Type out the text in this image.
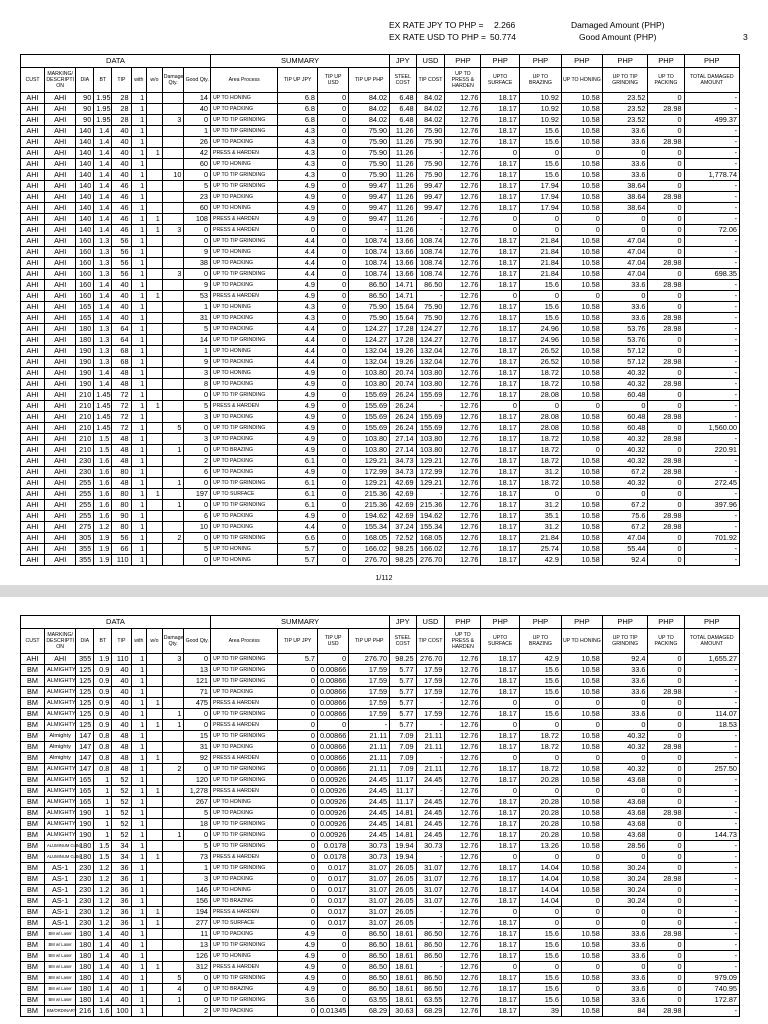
EX RATE JPY TO PHP = 2.266
EX RATE USD TO PHP = 50.774
Damaged Amount (PHP)
Good Amount (PHP)	3
DATA									SUMMARY				JPY	USD	PHP	PHP	PHP	PHP	PHP	PHP	PHP
CUST	MARKING/ DESCRIPTI ON	DIA	BT	TIP	with	w/o	Damage Qty.	Good Qty.	Area Process	TIP UP JPY	TIP UP USD	TIP UP PHP	STEEL COST	TIP COST	UP TO PRESS & HARDEN	UPTO SURFACE	UP TO BRAZING	UP TO HONING	UP TO TIP GRINDING	UP TO PACKING	TOTAL DAMAGED AMOUNT
AHI	AHI	90	1.95	28	1			14	UP TO HONING	6.8	0	84.02	6.48	84.02	12.76	18.17	10.92	10.58	23.52	0	-
AHI	AHI	90	1.95	28	1			40	UP TO PACKING	6.8	0	84.02	6.48	84.02	12.76	18.17	10.92	10.58	23.52	28.98	-
AHI	AHI	90	1.95	28	1		3	0	UP TO TIP GRINDING	6.8	0	84.02	6.48	84.02	12.76	18.17	10.92	10.58	23.52	0	499.37
AHI	AHI	140	1.4	40	1			1	UP TO TIP GRINDING	4.3	0	75.90	11.26	75.90	12.76	18.17	15.6	10.58	33.6	0	-
AHI	AHI	140	1.4	40	1			26	UP TO PACKING	4.3	0	75.90	11.26	75.90	12.76	18.17	15.6	10.58	33.6	28.98	-
AHI	AHI	140	1.4	40	1	1		42	PRESS & HARDEN	4.3	0	75.90	11.26	-	12.76	0	0	0	0	0	-
AHI	AHI	140	1.4	40	1			60	UP TO HONING	4.3	0	75.90	11.26	75.90	12.76	18.17	15.6	10.58	33.6	0	-
AHI	AHI	140	1.4	40	1		10	0	UP TO TIP GRINDING	4.3	0	75.90	11.26	75.90	12.76	18.17	15.6	10.58	33.6	0	1,778.74
AHI	AHI	140	1.4	46	1			5	UP TO TIP GRINDING	4.9	0	99.47	11.26	99.47	12.76	18.17	17.94	10.58	38.64	0	-
AHI	AHI	140	1.4	46	1			23	UP TO PACKING	4.9	0	99.47	11.26	99.47	12.76	18.17	17.94	10.58	38.64	28.98	-
AHI	AHI	140	1.4	46	1			60	UP TO HONING	4.9	0	99.47	11.26	99.47	12.76	18.17	17.94	10.58	38.64	0	-
AHI	AHI	140	1.4	46	1	1		108	PRESS & HARDEN	4.9	0	99.47	11.26	-	12.76	0	0	0	0	0	-
AHI	AHI	140	1.4	46	1	1	3	0	PRESS & HARDEN	0	0	-	11.26	-	12.76	0	0	0	0	0	72.06
AHI	AHI	160	1.3	56	1			0	UP TO TIP GRINDING	4.4	0	108.74	13.66	108.74	12.76	18.17	21.84	10.58	47.04	0	-
AHI	AHI	160	1.3	56	1			9	UP TO HONING	4.4	0	108.74	13.66	108.74	12.76	18.17	21.84	10.58	47.04	0	-
AHI	AHI	160	1.3	56	1			38	UP TO PACKING	4.4	0	108.74	13.66	108.74	12.76	18.17	21.84	10.58	47.04	28.98	-
AHI	AHI	160	1.3	56	1		3	0	UP TO TIP GRINDING	4.4	0	108.74	13.66	108.74	12.76	18.17	21.84	10.58	47.04	0	698.35
AHI	AHI	160	1.4	40	1			9	UP TO PACKING	4.9	0	86.50	14.71	86.50	12.76	18.17	15.6	10.58	33.6	28.98	-
AHI	AHI	160	1.4	40	1	1		53	PRESS & HARDEN	4.9	0	86.50	14.71	-	12.76	0	0	0	0	0	-
AHI	AHI	165	1.4	40	1			1	UP TO HONING	4.3	0	75.90	15.64	75.90	12.76	18.17	15.6	10.58	33.6	0	-
AHI	AHI	165	1.4	40	1			31	UP TO PACKING	4.3	0	75.90	15.64	75.90	12.76	18.17	15.6	10.58	33.6	28.98	-
AHI	AHI	180	1.3	64	1			5	UP TO PACKING	4.4	0	124.27	17.28	124.27	12.76	18.17	24.96	10.58	53.76	28.98	-
AHI	AHI	180	1.3	64	1			14	UP TO TIP GRINDING	4.4	0	124.27	17.28	124.27	12.76	18.17	24.96	10.58	53.76	0	-
AHI	AHI	190	1.3	68	1			1	UP TO HONING	4.4	0	132.04	19.26	132.04	12.76	18.17	26.52	10.58	57.12	0	-
AHI	AHI	190	1.3	68	1			9	UP TO PACKING	4.4	0	132.04	19.26	132.04	12.76	18.17	26.52	10.58	57.12	28.98	-
AHI	AHI	190	1.4	48	1			3	UP TO HONING	4.9	0	103.80	20.74	103.80	12.76	18.17	18.72	10.58	40.32	0	-
AHI	AHI	190	1.4	48	1			8	UP TO PACKING	4.9	0	103.80	20.74	103.80	12.76	18.17	18.72	10.58	40.32	28.98	-
AHI	AHI	210	1.45	72	1			0	UP TO TIP GRINDING	4.9	0	155.69	26.24	155.69	12.76	18.17	28.08	10.58	60.48	0	-
AHI	AHI	210	1.45	72	1	1		5	PRESS & HARDEN	4.9	0	155.69	26.24	-	12.76	0	0	0	0	0	-
AHI	AHI	210	1.45	72	1			3	UP TO PACKING	4.9	0	155.69	26.24	155.69	12.76	18.17	28.08	10.58	60.48	28.98	-
AHI	AHI	210	1.45	72	1		5	0	UP TO TIP GRINDING	4.9	0	155.69	26.24	155.69	12.76	18.17	28.08	10.58	60.48	0	1,560.00
AHI	AHI	210	1.5	48	1			3	UP TO PACKING	4.9	0	103.80	27.14	103.80	12.76	18.17	18.72	10.58	40.32	28.98	-
AHI	AHI	210	1.5	48	1		1	0	UP TO BRAZING	4.9	0	103.80	27.14	103.80	12.76	18.17	18.72	0	40.32	0	220.91
AHI	AHI	230	1.6	48	1			2	UP TO PACKING	6.1	0	129.21	34.73	129.21	12.76	18.17	18.72	10.58	40.32	28.98	-
AHI	AHI	230	1.6	80	1			6	UP TO PACKING	4.9	0	172.99	34.73	172.99	12.76	18.17	31.2	10.58	67.2	28.98	-
AHI	AHI	255	1.6	48	1		1	0	UP TO TIP GRINDING	6.1	0	129.21	42.69	129.21	12.76	18.17	18.72	10.58	40.32	0	272.45
AHI	AHI	255	1.6	80	1	1		197	UP TO SURFACE	6.1	0	215.36	42.69	-	12.76	18.17	0	0	0	0	-
AHI	AHI	255	1.6	80	1		1	0	UP TO TIP GRINDING	6.1	0	215.36	42.69	215.36	12.76	18.17	31.2	10.58	67.2	0	397.96
AHI	AHI	255	1.6	90	1			6	UP TO PACKING	4.9	0	194.62	42.69	194.62	12.76	18.17	35.1	10.58	75.6	28.98	-
AHI	AHI	275	1.2	80	1			10	UP TO PACKING	4.4	0	155.34	37.24	155.34	12.76	18.17	31.2	10.58	67.2	28.98	-
AHI	AHI	305	1.9	56	1		2	0	UP TO TIP GRINDING	6.6	0	168.05	72.52	168.05	12.76	18.17	21.84	10.58	47.04	0	701.92
AHI	AHI	355	1.9	66	1			5	UP TO HONING	5.7	0	166.02	98.25	166.02	12.76	18.17	25.74	10.58	55.44	0	-
AHI	AHI	355	1.9	110	1			0	UP TO HONING	5.7	0	276.70	98.25	276.70	12.76	18.17	42.9	10.58	92.4	0	-
1/112
DATA									SUMMARY				JPY	USD	PHP	PHP	PHP	PHP	PHP	PHP	PHP
CUST	MARKING/ DESCRIPTI ON	DIA	BT	TIP	with	w/o	Damage Qty.	Good Qty.	Area Process	TIP UP JPY	TIP UP USD	TIP UP PHP	STEEL COST	TIP COST	UP TO PRESS & HARDEN	UPTO SURFACE	UP TO BRAZING	UP TO HONING	UP TO TIP GRINDING	UP TO PACKING	TOTAL DAMAGED AMOUNT
AHI	AHI	355	1.9	110	1		3	0	UP TO TIP GRINDING	5.7	0	276.70	98.25	276.70	12.76	18.17	42.9	10.58	92.4	0	1,655.27
BM	ALMIGHTY	125	0.9	40	1			13	UP TO TIP GRINDING	0	0.00866	17.59	5.77	17.59	12.76	18.17	15.6	10.58	33.6	0	-
BM	ALMIGHTY	125	0.9	40	1			121	UP TO TIP GRINDING	0	0.00866	17.59	5.77	17.59	12.76	18.17	15.6	10.58	33.6	0	-
BM	ALMIGHTY	125	0.9	40	1			71	UP TO PACKING	0	0.00866	17.59	5.77	17.59	12.76	18.17	15.6	10.58	33.6	28.98	-
BM	ALMIGHTY	125	0.9	40	1	1		475	PRESS & HARDEN	0	0.00866	17.59	5.77	-	12.76	0	0	0	0	0	-
BM	ALMIGHTY	125	0.9	40	1		1	0	UP TO TIP GRINDING	0	0.00866	17.59	5.77	17.59	12.76	18.17	15.6	10.58	33.6	0	114.07
BM	ALMIGHTY	125	0.9	40	1	1	1	0	PRESS & HARDEN	0	0	-	5.77	-	12.76	0	0	0	0	0	18.53
BM	Almighty	147	0.8	48	1			15	UP TO TIP GRINDING	0	0.00866	21.11	7.09	21.11	12.76	18.17	18.72	10.58	40.32	0	-
BM	Almighty	147	0.8	48	1			31	UP TO PACKING	0	0.00866	21.11	7.09	21.11	12.76	18.17	18.72	10.58	40.32	28.98	-
BM	Almighty	147	0.8	48	1	1		92	PRESS & HARDEN	0	0.00866	21.11	7.09	-	12.76	0	0	0	0	0	-
BM	ALMIGHTY	147	0.8	48	1		2	0	UP TO TIP GRINDING	0	0.00866	21.11	7.09	21.11	12.76	18.17	18.72	10.58	40.32	0	257.50
BM	ALMIGHTY	165	1	52	1			120	UP TO TIP GRINDING	0	0.00926	24.45	11.17	24.45	12.76	18.17	20.28	10.58	43.68	0	-
BM	ALMIGHTY	165	1	52	1	1		1,278	PRESS & HARDEN	0	0.00926	24.45	11.17	-	12.76	0	0	0	0	0	-
BM	ALMIGHTY	165	1	52	1			267	UP TO HONING	0	0.00926	24.45	11.17	24.45	12.76	18.17	20.28	10.58	43.68	0	-
BM	ALMIGHTY	190	1	52	1			5	UP TO PACKING	0	0.00926	24.45	14.81	24.45	12.76	18.17	20.28	10.58	43.68	28.98	-
BM	ALMIGHTY	190	1	52	1			18	UP TO TIP GRINDING	0	0.00926	24.45	14.81	24.45	12.76	18.17	20.28	10.58	43.68	0	-
BM	ALMIGHTY	190	1	52	1		1	0	UP TO TIP GRINDING	0	0.00926	24.45	14.81	24.45	12.76	18.17	20.28	10.58	43.68	0	144.73
BM	ALUMINUM Cutter	180	1.5	34	1			5	UP TO TIP GRINDING	0	0.0178	30.73	19.94	30.73	12.76	18.17	13.26	10.58	28.56	0	-
BM	ALUMINUM Cutter	180	1.5	34	1	1		73	PRESS & HARDEN	0	0.0178	30.73	19.94	-	12.76	0	0	0	0	0	-
BM	AS-1	230	1.2	36	1			1	UP TO TIP GRINDING	0	0.017	31.07	26.05	31.07	12.76	18.17	14.04	10.58	30.24	0	-
BM	AS-1	230	1.2	36	1			3	UP TO PACKING	0	0.017	31.07	26.05	31.07	12.76	18.17	14.04	10.58	30.24	28.98	-
BM	AS-1	230	1.2	36	1			146	UP TO HONING	0	0.017	31.07	26.05	31.07	12.76	18.17	14.04	10.58	30.24	0	-
BM	AS-1	230	1.2	36	1			156	UP TO BRAZING	0	0.017	31.07	26.05	31.07	12.76	18.17	14.04	0	30.24	0	-
BM	AS-1	230	1.2	36	1	1		194	PRESS & HARDEN	0	0.017	31.07	26.05	-	12.76	0	0	0	0	0	-
BM	AS-1	230	1.2	36	1	1		277	UP TO SURFACE	0	0.017	31.07	26.05	-	12.76	18.17	0	0	0	0	-
BM	BM w/ Laser	180	1.4	40	1			11	UP TO PACKING	4.9	0	86.50	18.61	86.50	12.76	18.17	15.6	10.58	33.6	28.98	-
BM	BM w/ Laser	180	1.4	40	1			13	UP TO TIP GRINDING	4.9	0	86.50	18.61	86.50	12.76	18.17	15.6	10.58	33.6	0	-
BM	BM w/ Laser	180	1.4	40	1			126	UP TO HONING	4.9	0	86.50	18.61	86.50	12.76	18.17	15.6	10.58	33.6	0	-
BM	BM w/ Laser	180	1.4	40	1	1		312	PRESS & HARDEN	4.9	0	86.50	18.61	-	12.76	0	0	0	0	0	-
BM	BM w/ Laser	180	1.4	40	1		5	0	UP TO TIP GRINDING	4.9	0	86.50	18.61	86.50	12.76	18.17	15.6	10.58	33.6	0	979.09
BM	BM w/ Laser	180	1.4	40	1		4	0	UP TO BRAZING	4.9	0	86.50	18.61	86.50	12.76	18.17	15.6	0	33.6	0	740.95
BM	BM w/ Laser	180	1.4	40	1		1	0	UP TO TIP GRINDING	3.6	0	63.55	18.61	63.55	12.76	18.17	15.6	10.58	33.6	0	172.87
BM	BM/ORDINARY	216	1.6	100	1			2	UP TO PACKING	0	0.01345	68.29	30.63	68.29	12.76	18.17	39	10.58	84	28.98	-
